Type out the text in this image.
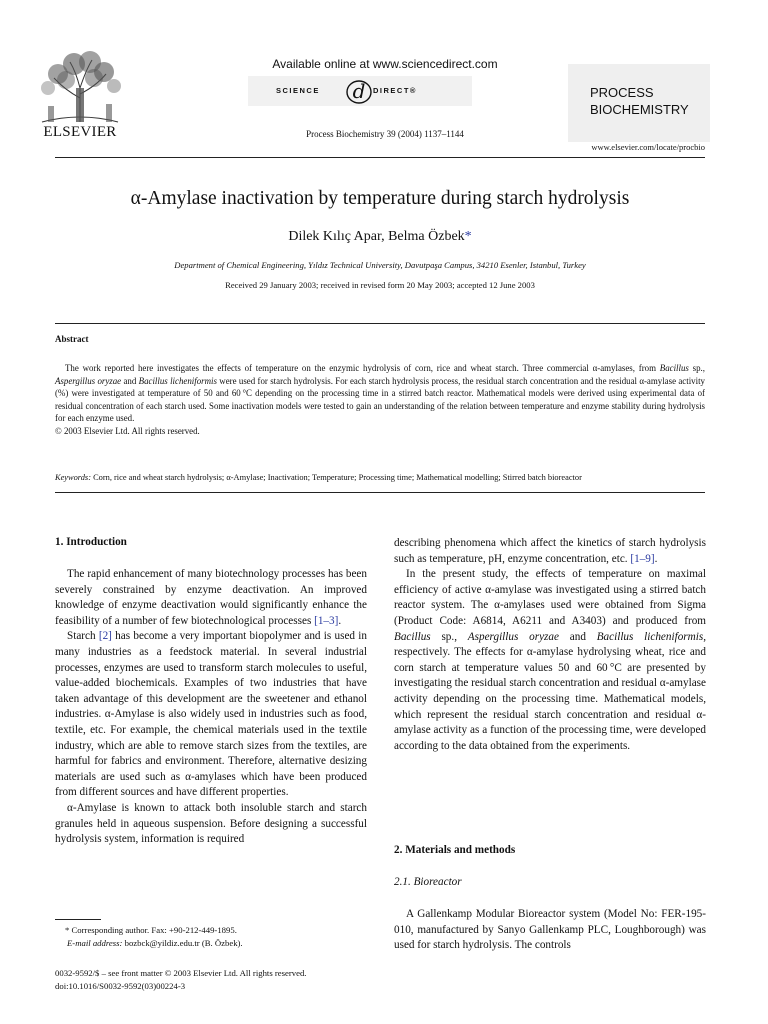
ELSEVIER
Available online at www.sciencedirect.com
SCIENCE d DIRECT®
Process Biochemistry 39 (2004) 1137–1144
PROCESS
BIOCHEMISTRY
www.elsevier.com/locate/procbio
α-Amylase inactivation by temperature during starch hydrolysis
Dilek Kılıç Apar, Belma Özbek*
Department of Chemical Engineering, Yıldız Technical University, Davutpaşa Campus, 34210 Esenler, Istanbul, Turkey
Received 29 January 2003; received in revised form 20 May 2003; accepted 12 June 2003
Abstract

The work reported here investigates the effects of temperature on the enzymic hydrolysis of corn, rice and wheat starch. Three commercial α-amylases, from Bacillus sp., Aspergillus oryzae and Bacillus licheniformis were used for starch hydrolysis. For each starch hydrolysis process, the residual starch concentration and the residual α-amylase activity (%) were investigated at temperature of 50 and 60 °C depending on the processing time in a stirred batch reactor. Mathematical models were derived using experimental data of residual concentration of each starch used. Some inactivation models were tested to gain an understanding of the relation between temperature and enzyme stability during hydrolysis for each enzyme used.

© 2003 Elsevier Ltd. All rights reserved.

Keywords: Corn, rice and wheat starch hydrolysis; α-Amylase; Inactivation; Temperature; Processing time; Mathematical modelling; Stirred batch bioreactor
1. Introduction

The rapid enhancement of many biotechnology processes has been severely constrained by enzyme deactivation. An improved knowledge of enzyme deactivation would significantly enhance the feasibility of a number of few biotechnological processes [1–3].

Starch [2] has become a very important biopolymer and is used in many industries as a feedstock material. In several industrial processes, enzymes are used to transform starch molecules to useful, value-added biochemicals. Examples of two industries that have taken advantage of this development are the sweetener and ethanol industries. α-Amylase is also widely used in industries such as food, textile, etc. For example, the chemical materials used in the textile industry, which are able to remove starch sizes from the textiles, are harmful for fabrics and environment. Therefore, alternative desizing materials are used such as α-amylases which have been produced from different sources and have different properties.

α-Amylase is known to attack both insoluble starch and starch granules held in aqueous suspension. Before designing a successful hydrolysis system, information is required

* Corresponding author. Fax: +90-212-449-1895.
E-mail address: bozbck@yildiz.edu.tr (B. Özbek).
0032-9592/$ – see front matter © 2003 Elsevier Ltd. All rights reserved.
doi:10.1016/S0032-9592(03)00224-3

describing phenomena which affect the kinetics of starch hydrolysis such as temperature, pH, enzyme concentration, etc. [1–9].

In the present study, the effects of temperature on maximal efficiency of active α-amylase was investigated using a stirred batch reactor system. The α-amylases used were obtained from Sigma (Product Code: A6814, A6211 and A3403) and produced from Bacillus sp., Aspergillus oryzae and Bacillus licheniformis, respectively. The effects for α-amylase hydrolysing wheat, rice and corn starch at temperature values 50 and 60 °C are presented by investigating the residual starch concentration and residual α-amylase activity depending on the processing time. Mathematical models, which represent the residual starch concentration and residual α-amylase activity as a function of the processing time, were developed according to the data obtained from the experiments.

2. Materials and methods
2.1. Bioreactor

A Gallenkamp Modular Bioreactor system (Model No: FER-195-010, manufactured by Sanyo Gallenkamp PLC, Loughborough) was used for starch hydrolysis. The controls
